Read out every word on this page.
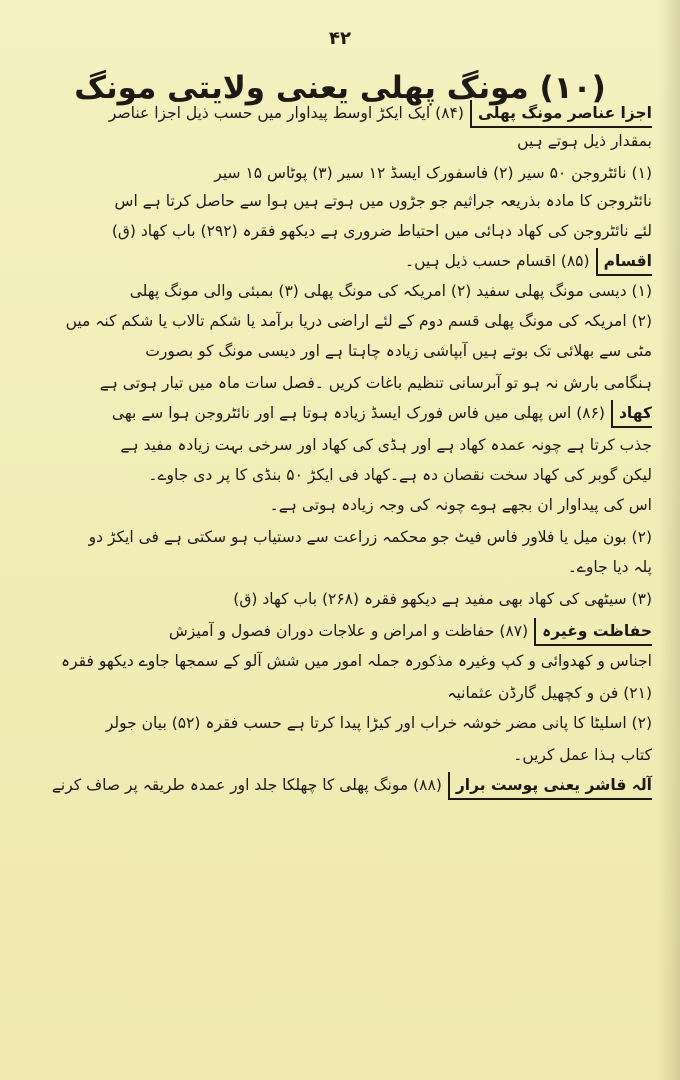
۴۲
(۱۰) مونگ پھلی یعنی ولایتی مونگ
اجزا عناصر مونگ پھلی(۸۴) ایک ایکڑ اوسط پیداوار میں حسب ذیل اجزا عناصر
بمقدار ذیل ہوتے ہیں
(۱) نائٹروجن ۵۰ سیر (۲) فاسفورک ایسڈ ۱۲ سیر (۳) پوٹاس ۱۵ سیر
نائٹروجن کا مادہ بذریعہ جراثیم جو جڑوں میں ہوتے ہیں ہوا سے حاصل کرتا ہے اس
لئے نائٹروجن کی کھاد دہائی میں احتیاط ضروری ہے دیکھو فقرہ (۲۹۲) باب کھاد (ق)
اقسام(۸۵) اقسام حسب ذیل ہیں۔
(۱) دیسی مونگ پھلی سفید (۲) امریکہ کی مونگ پھلی (۳) بمبئی والی مونگ پھلی
(۲) امریکہ کی مونگ پھلی قسم دوم کے لئے اراضی دریا برآمد یا شکم تالاب یا شکم کنہ میں
مٹی سے بھلائی تک بوتے ہیں آبپاشی زیادہ چاہتا ہے اور دیسی مونگ کو بصورت
ہنگامی بارش نہ ہو تو آبرسانی تنظیم باغات کریں ۔فصل سات ماہ میں تیار ہوتی ہے
کھاد(۸۶) اس پھلی میں فاس فورک ایسڈ زیادہ ہوتا ہے اور نائٹروجن ہوا سے بھی
جذب کرتا ہے چونہ عمدہ کھاد ہے اور ہڈی کی کھاد اور سرخی بہت زیادہ مفید ہے
لیکن گوبر کی کھاد سخت نقصان دہ ہے۔کھاد فی ایکڑ ۵۰ بنڈی کا پر دی جاوے۔
اس کی پیداوار ان بجھے ہوے چونہ کی وجہ زیادہ ہوتی ہے۔
(۲) بون میل یا فلاور فاس فیٹ جو محکمہ زراعت سے دستیاب ہو سکتی ہے فی ایکڑ دو
پلہ دیا جاوے۔
(۳) سیٹھی کی کھاد بھی مفید ہے دیکھو فقرہ (۲۶۸) باب کھاد (ق)
حفاظت وغیرہ(۸۷) حفاظت و امراض و علاجات دوران فصول و آمیزش
اجناس و کھدوائی و کپ وغیرہ مذکورہ جملہ امور میں شش آلو کے سمجھا جاوے دیکھو فقرہ
(۲۱) فن و کچھیل گارڈن عثمانیہ
(۲) اسلیٹا کا پانی مضر خوشہ خراب اور کیڑا پیدا کرتا ہے حسب فقرہ (۵۲) بیان جولر
کتاب ہذا عمل کریں۔
آلہ قاشر یعنی پوست برار(۸۸) مونگ پھلی کا چھلکا جلد اور عمدہ طریقہ پر صاف کرنے
